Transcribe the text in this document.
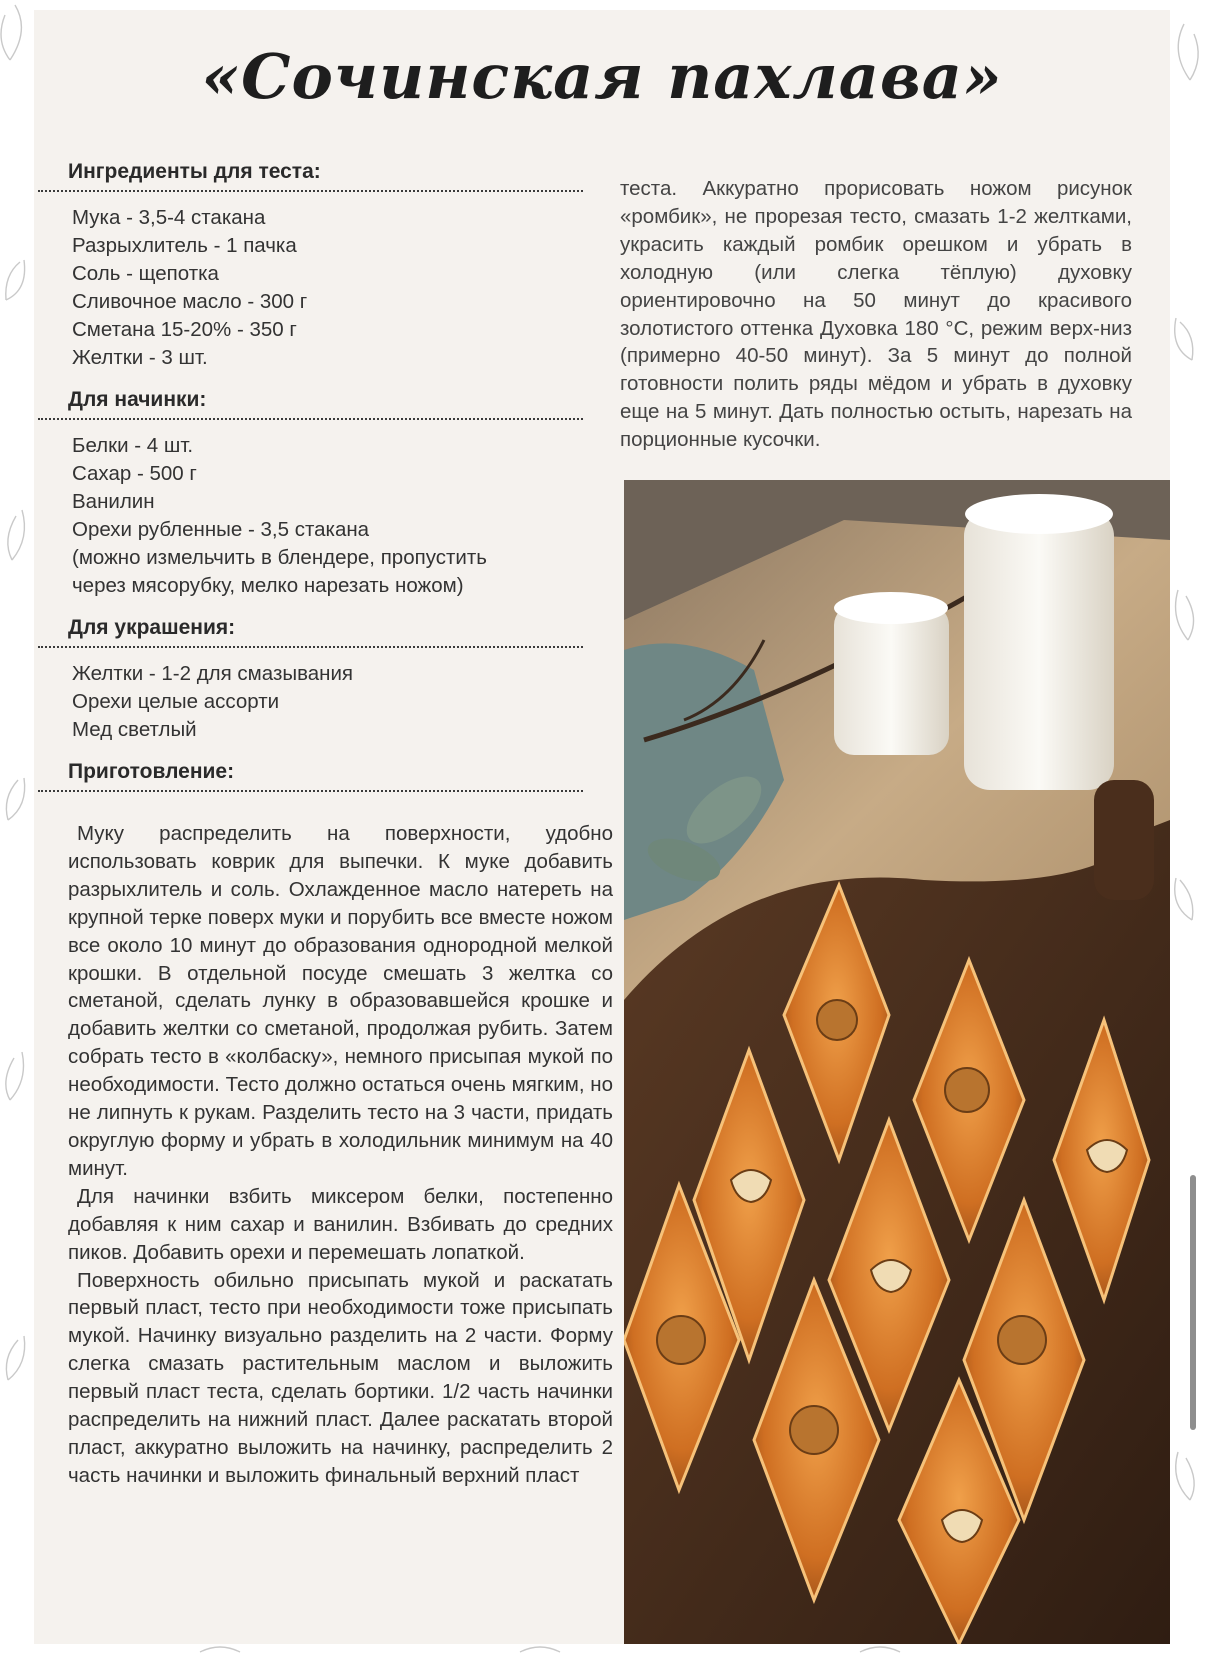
«Сочинская пахлава»
Ингредиенты для теста:
Мука - 3,5-4 стакана
Разрыхлитель - 1 пачка
Соль - щепотка
Сливочное масло - 300 г
Сметана 15-20% - 350 г
Желтки - 3 шт.
Для начинки:
Белки - 4 шт.
Сахар - 500 г
Ванилин
Орехи рубленные - 3,5 стакана
(можно измельчить в блендере, пропустить
через мясорубку, мелко нарезать ножом)
Для украшения:
Желтки - 1-2 для смазывания
Орехи целые ассорти
Мед светлый
Приготовление:

Муку распределить на поверхности, удобно использовать коврик для выпечки. К муке добавить разрыхлитель и соль. Охлажденное масло натереть на крупной терке поверх муки и порубить все вместе ножом все около 10 минут до образования однородной мелкой крошки. В отдельной посуде смешать 3 желтка со сметаной, сделать лунку в образовавшейся крошке и добавить желтки со сметаной, продолжая рубить. Затем собрать тесто в «колбаску», немного присыпая мукой по необходимости. Тесто должно остаться очень мягким, но не липнуть к рукам. Разделить тесто на 3 части, придать округлую форму и убрать в холодильник минимум на 40 минут.

Для начинки взбить миксером белки, постепенно добавляя к ним сахар и ванилин. Взбивать до средних пиков. Добавить орехи и перемешать лопаткой.

Поверхность обильно присыпать мукой и раскатать первый пласт, тесто при необходимости тоже присыпать мукой. Начинку визуально разделить на 2 части. Форму слегка смазать растительным маслом и выложить первый пласт теста, сделать бортики. 1/2 часть начинки распределить на нижний пласт. Далее раскатать второй пласт, аккуратно выложить на начинку, распределить 2 часть начинки и выложить финальный верхний пласт

теста. Аккуратно прорисовать ножом рисунок «ромбик», не прорезая тесто, смазать 1-2 желтками, украсить каждый ромбик орешком и убрать в холодную (или слегка тёплую) духовку ориентировочно на 50 минут до красивого золотистого оттенка Духовка 180 °С, режим верх-низ (примерно 40-50 минут). За 5 минут до полной готовности полить ряды мёдом и убрать в духовку еще на 5 минут. Дать полностью остыть, нарезать на порционные кусочки.
